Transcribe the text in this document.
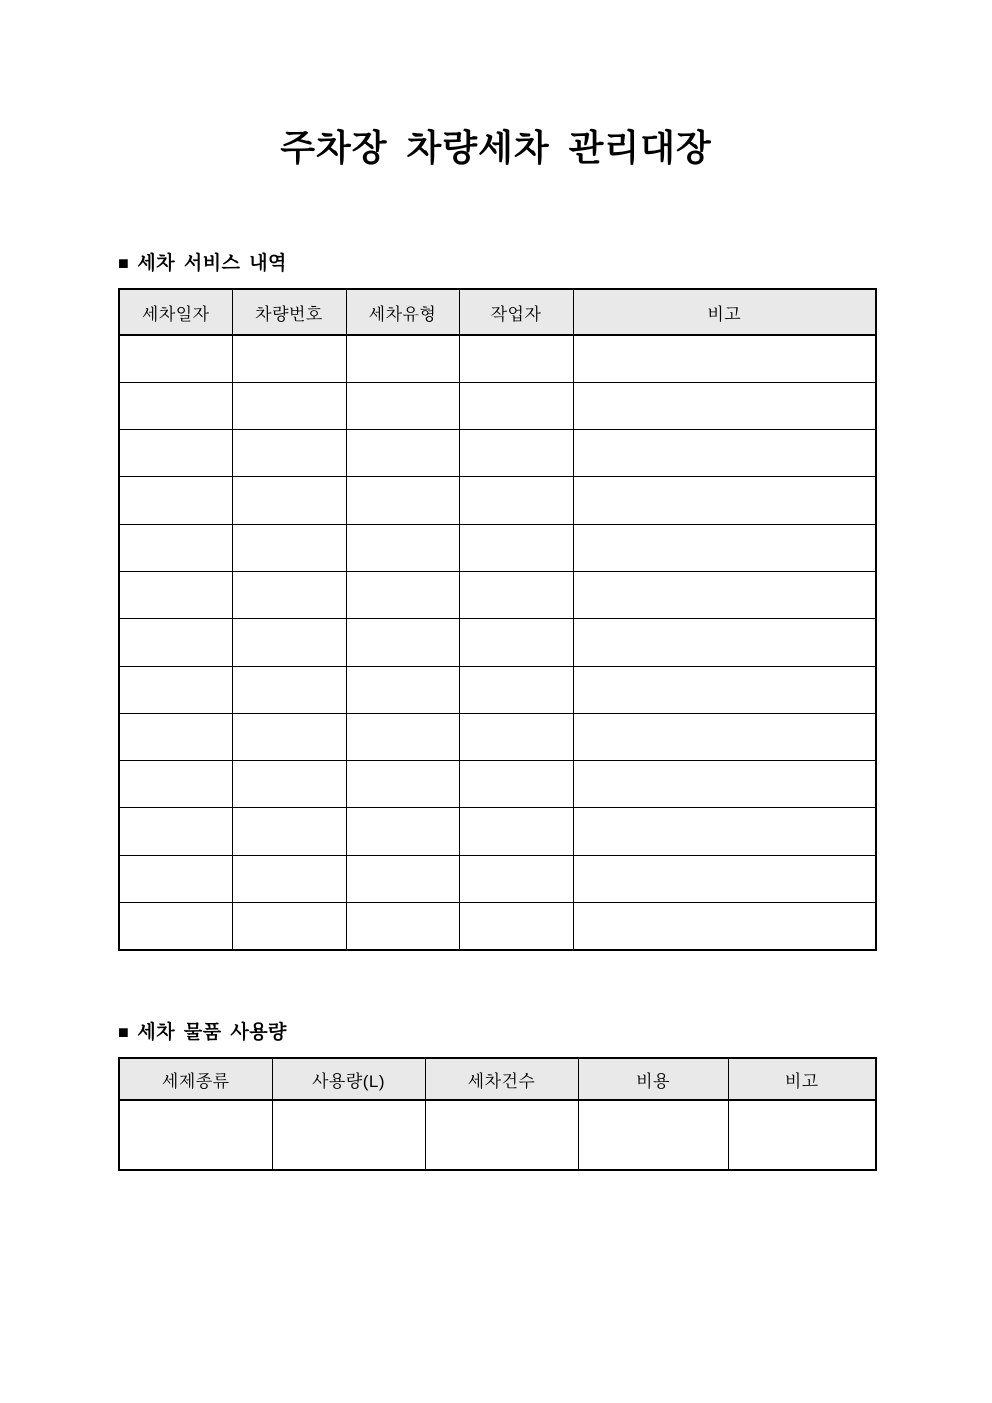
주차장 차량세차 관리대장
■ 세차 서비스 내역
세차일자	차량번호	세차유형	작업자	비고

■ 세차 물품 사용량
세제종류	사용량(L)	세차건수	비용	비고
